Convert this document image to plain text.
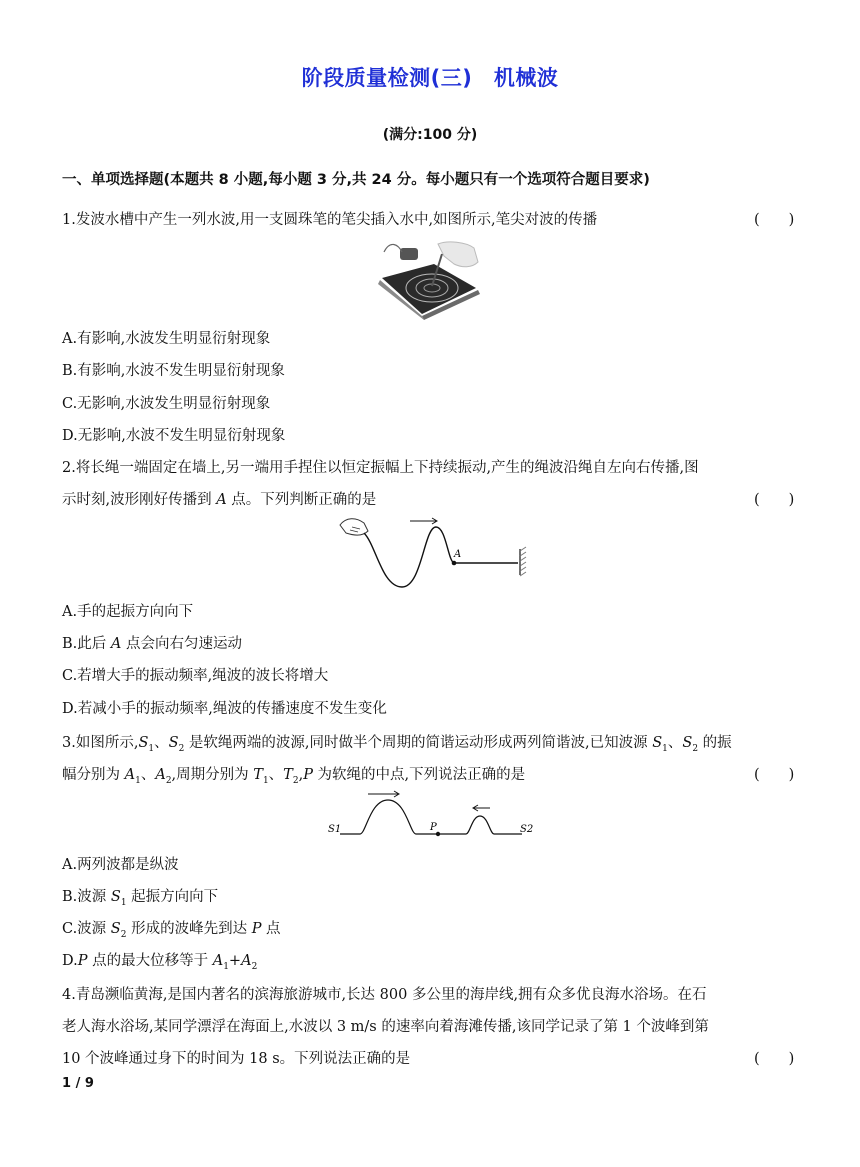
阶段质量检测(三)　机械波
(满分:100 分)
一、单项选择题(本题共 8 小题,每小题 3 分,共 24 分。每小题只有一个选项符合题目要求)
1.发波水槽中产生一列水波,用一支圆珠笔的笔尖插入水中,如图所示,笔尖对波的传播	(　　)
A.有影响,水波发生明显衍射现象
B.有影响,水波不发生明显衍射现象
C.无影响,水波发生明显衍射现象
D.无影响,水波不发生明显衍射现象
2.将长绳一端固定在墙上,另一端用手捏住以恒定振幅上下持续振动,产生的绳波沿绳自左向右传播,图
示时刻,波形刚好传播到 A 点。下列判断正确的是	(　　)
A
A.手的起振方向向下
B.此后 A 点会向右匀速运动
C.若增大手的振动频率,绳波的波长将增大
D.若减小手的振动频率,绳波的传播速度不发生变化
3.如图所示$,S_1$、$S_2$ 是软绳两端的波源,同时做半个周期的简谐运动形成两列简谐波,已知波源 $S_1$、$S_2$ 的振
幅分别为 $A_1$、$A_2$,周期分别为 $T_1$、$T_2,P$ 为软绳的中点,下列说法正确的是	(　　)
S1	P	S2
A.两列波都是纵波
B.波源 $S_1$ 起振方向向下
C.波源 $S_2$ 形成的波峰先到达 P 点
D.P 点的最大位移等于 $A_1+A_2$
4.青岛濒临黄海,是国内著名的滨海旅游城市,长达 800 多公里的海岸线,拥有众多优良海水浴场。在石
老人海水浴场,某同学漂浮在海面上,水波以 3 m/s 的速率向着海滩传播,该同学记录了第 1 个波峰到第
10 个波峰通过身下的时间为 18 s。下列说法正确的是	(　　)
1 / 9
